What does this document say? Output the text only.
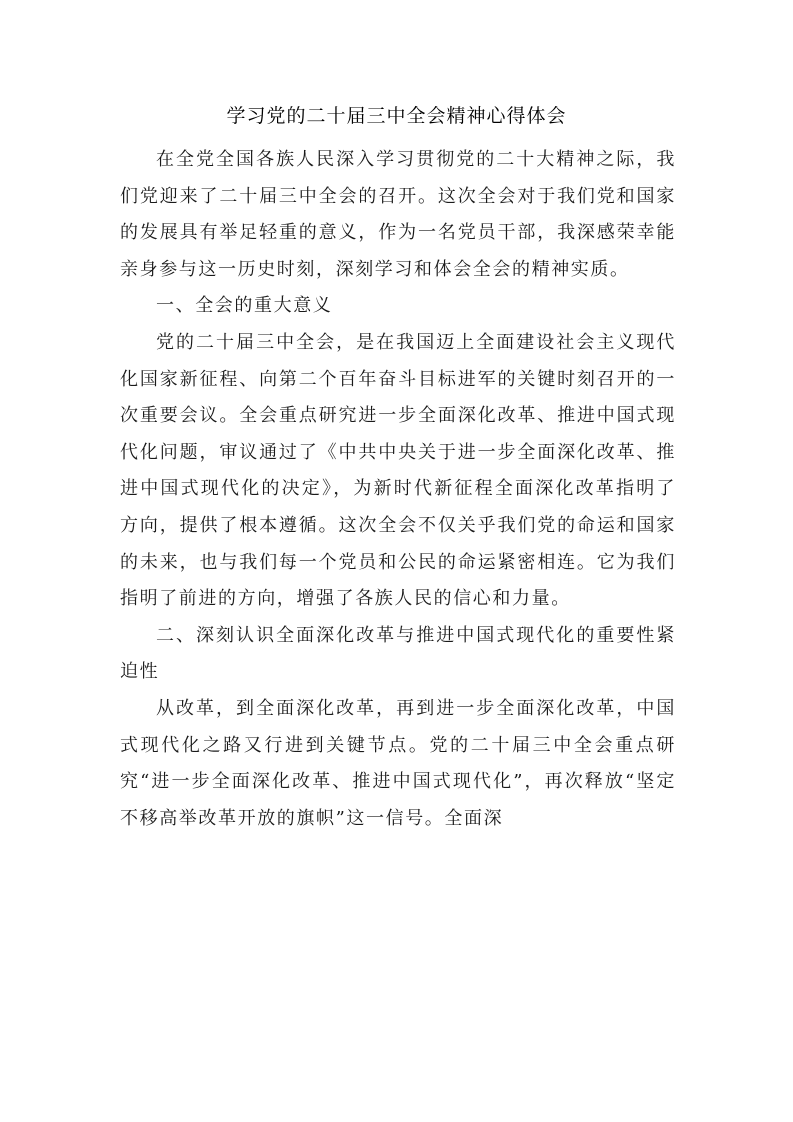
学习党的二十届三中全会精神心得体会

在全党全国各族人民深入学习贯彻党的二十大精神之际，我们党迎来了二十届三中全会的召开。这次全会对于我们党和国家的发展具有举足轻重的意义，作为一名党员干部，我深感荣幸能亲身参与这一历史时刻，深刻学习和体会全会的精神实质。

一、全会的重大意义

党的二十届三中全会，是在我国迈上全面建设社会主义现代化国家新征程、向第二个百年奋斗目标进军的关键时刻召开的一次重要会议。全会重点研究进一步全面深化改革、推进中国式现代化问题，审议通过了《中共中央关于进一步全面深化改革、推进中国式现代化的决定》，为新时代新征程全面深化改革指明了方向，提供了根本遵循。这次全会不仅关乎我们党的命运和国家的未来，也与我们每一个党员和公民的命运紧密相连。它为我们指明了前进的方向，增强了各族人民的信心和力量。

二、深刻认识全面深化改革与推进中国式现代化的重要性紧迫性

从改革，到全面深化改革，再到进一步全面深化改革，中国式现代化之路又行进到关键节点。党的二十届三中全会重点研究“进一步全面深化改革、推进中国式现代化”，再次释放“坚定不移高举改革开放的旗帜”这一信号。全面深
